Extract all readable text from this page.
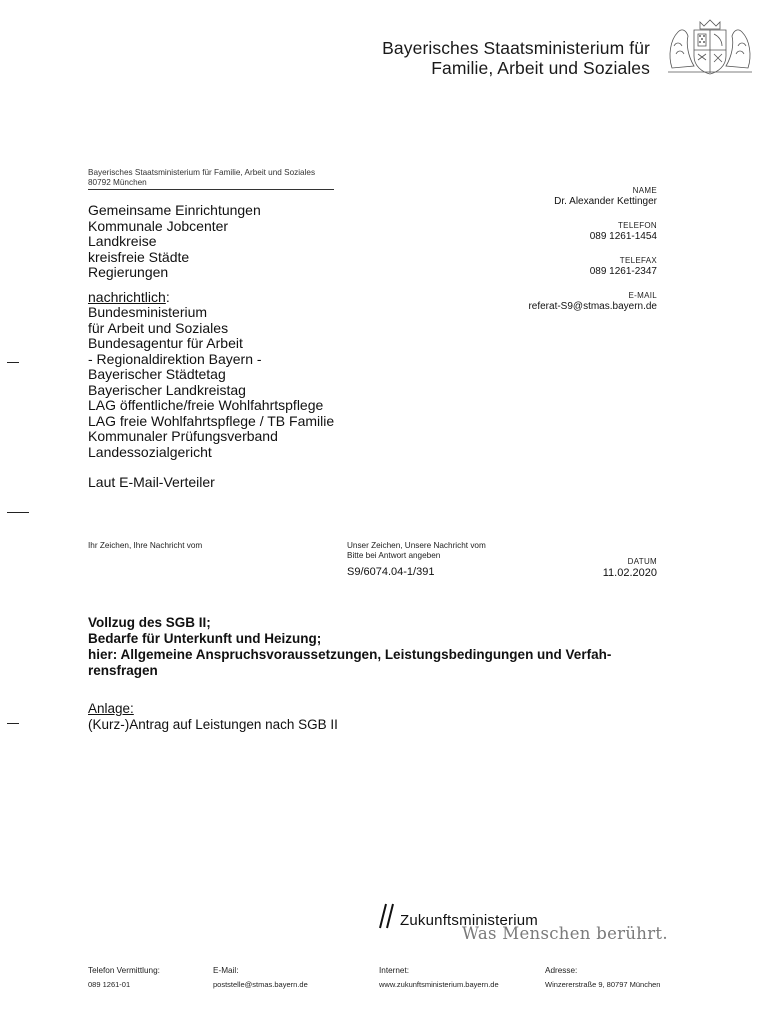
Bayerisches Staatsministerium für
Familie, Arbeit und Soziales
Bayerisches Staatsministerium für Familie, Arbeit und Soziales 80792 München
Gemeinsame Einrichtungen
Kommunale Jobcenter
Landkreise
kreisfreie Städte
Regierungen
nachrichtlich:
Bundesministerium
für Arbeit und Soziales
Bundesagentur für Arbeit
- Regionaldirektion Bayern -
Bayerischer Städtetag
Bayerischer Landkreistag
LAG öffentliche/freie Wohlfahrtspflege
LAG freie Wohlfahrtspflege / TB Familie
Kommunaler Prüfungsverband
Landessozialgericht
Laut E-Mail-Verteiler
NAME
Dr. Alexander Kettinger
TELEFON
089 1261-1454
TELEFAX
089 1261-2347
E-MAIL
referat-S9@stmas.bayern.de
Ihr Zeichen, Ihre Nachricht vom	Unser Zeichen, Unsere Nachricht vom
Bitte bei Antwort angeben
S9/6074.04-1/391
DATUM
11.02.2020
Vollzug des SGB II;
Bedarfe für Unterkunft und Heizung;
hier: Allgemeine Anspruchsvoraussetzungen, Leistungsbedingungen und Verfah-
rensfragen
Anlage:
(Kurz-)Antrag auf Leistungen nach SGB II
Zukunftsministerium
Was Menschen berührt.
Telefon Vermittlung:
089 1261-01
E-Mail:
poststelle@stmas.bayern.de
Internet:
www.zukunftsministerium.bayern.de
Adresse:
Winzererstraße 9, 80797 München
